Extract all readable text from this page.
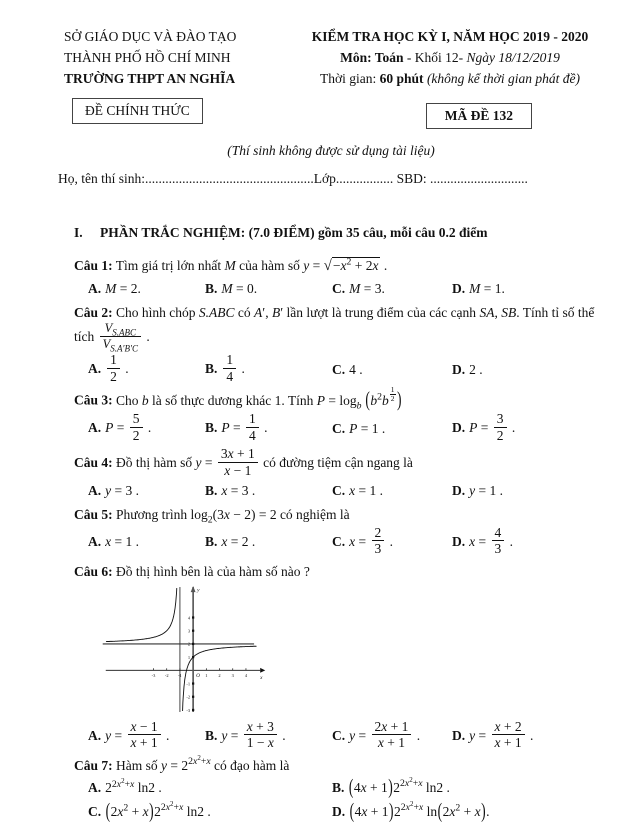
SỞ GIÁO DỤC VÀ ĐÀO TẠO
THÀNH PHỐ HỒ CHÍ MINH
TRƯỜNG THPT AN NGHĨA
ĐỀ CHÍNH THỨC
KIỂM TRA HỌC KỲ I, NĂM HỌC 2019 - 2020
Môn: Toán - Khối 12- Ngày 18/12/2019
Thời gian: 60 phút (không kể thời gian phát đề)
MÃ ĐỀ 132
(Thí sinh không được sử dụng tài liệu)
Họ, tên thí sinh:..................................................Lớp................. SBD: .............................
I. PHẦN TRẮC NGHIỆM: (7.0 ĐIỂM) gồm 35 câu, mỗi câu 0.2 điểm
Câu 1: Tìm giá trị lớn nhất M của hàm số $y = √-x^2 + 2x$ .
A. M = 2.	B. M = 0.	C. M = 3.	D. M = 1.
Câu 2: Cho hình chóp S.ABC có A′, B′ lần lượt là trung điểm của các cạnh SA, SB. Tính tỉ số thể tích
$V_{S.ABC}$
$V_{S.A'B'C}$
.
A. $\frac{1}{2}$ .	B. $\frac{1}{4}$ .	C. 4 .	D. 2 .
Câu 3: Cho b là số thực dương khác 1. Tính $P = \log_b (b^2b$ $^{\frac{1}{2}}$ )
A. $P = \frac{5}{2}$ .	B. $P = \frac{1}{4}$ .	C. P = 1 .	D. $P = \frac{3}{2}$ .
Câu 4: Đồ thị hàm số $y = \frac{3x + 1}{x - 1}$ có đường tiệm cận ngang là
A. y = 3 .	B. x = 3 .	C. x = 1 .	D. y = 1 .
Câu 5: Phương trình $\log_2(3x - 2) = 2$ có nghiệm là
A. x = 1 .	B. x = 2 .	C. $x = \frac{2}{3}$ .	D. $x = \frac{4}{3}$ .
Câu 6: Đồ thị hình bên là của hàm số nào ?
-3 -2 -1	1 2 3 4
-3
-2
-1
1
2
3
4
O	x
y
A. $y = \frac{x - 1}{x + 1}$ .	B. $y = \frac{x + 3}{1 - x}$ .	C. $y = \frac{2x + 1}{x + 1}$ .	D. $y = \frac{x + 2}{x + 1}$ .
Câu 7: Hàm số $y = 2^{2x^2+x}$ có đạo hàm là
A. $2^{2x^2+x}$ ln2 .	B. $(4x + 1)2^{2x^2+x}$ ln2 .
C. $(2x^2 + x)2^{2x^2+x}$ ln2 .	D. $(4x + 1)2^{2x^2+x}$ $\ln(2x^2 + x)$.
